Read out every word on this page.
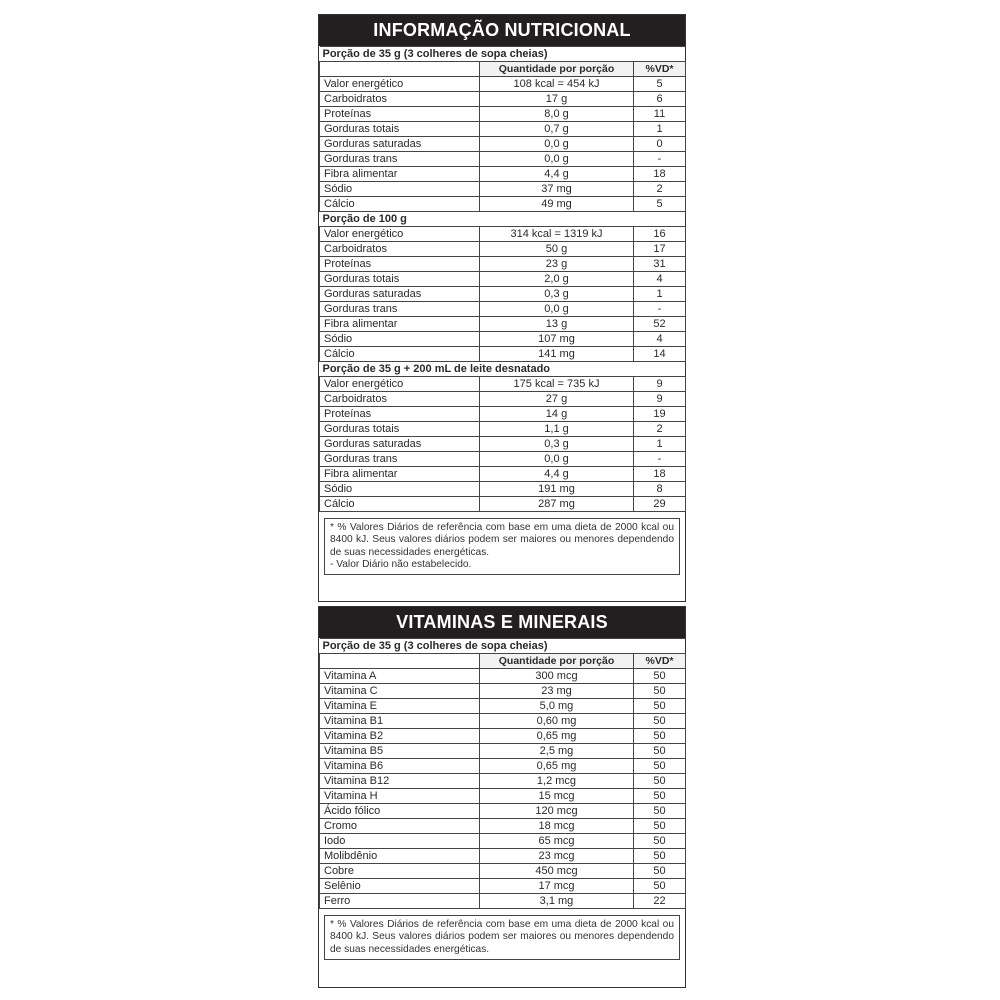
INFORMAÇÃO NUTRICIONAL
Porção de 35 g (3 colheres de sopa cheias)		
	Quantidade por porção	%VD*
Valor energético	108 kcal = 454 kJ	5
Carboidratos	17 g	6
Proteínas	8,0 g	11
Gorduras totais	0,7 g	1
Gorduras saturadas	0,0 g	0
Gorduras trans	0,0 g	-
Fibra alimentar	4,4 g	18
Sódio	37 mg	2
Cálcio	49 mg	5
Porção de 100 g		
Valor energético	314 kcal = 1319 kJ	16
Carboidratos	50 g	17
Proteínas	23 g	31
Gorduras totais	2,0 g	4
Gorduras saturadas	0,3 g	1
Gorduras trans	0,0 g	-
Fibra alimentar	13 g	52
Sódio	107 mg	4
Cálcio	141 mg	14
Porção de 35 g + 200 mL de leite desnatado		
Valor energético	175 kcal = 735 kJ	9
Carboidratos	27 g	9
Proteínas	14 g	19
Gorduras totais	1,1 g	2
Gorduras saturadas	0,3 g	1
Gorduras trans	0,0 g	-
Fibra alimentar	4,4 g	18
Sódio	191 mg	8
Cálcio	287 mg	29

* % Valores Diários de referência com base em uma dieta de 2000 kcal ou 8400 kJ. Seus valores diários podem ser maiores ou menores dependendo de suas necessidades energéticas.

- Valor Diário não estabelecido.

VITAMINAS E MINERAIS
Porção de 35 g (3 colheres de sopa cheias)		
	Quantidade por porção	%VD*
Vitamina A	300 mcg	50
Vitamina C	23 mg	50
Vitamina E	5,0 mg	50
Vitamina B1	0,60 mg	50
Vitamina B2	0,65 mg	50
Vitamina B5	2,5 mg	50
Vitamina B6	0,65 mg	50
Vitamina B12	1,2 mcg	50
Vitamina H	15 mcg	50
Ácido fólico	120 mcg	50
Cromo	18 mcg	50
Iodo	65 mcg	50
Molibdênio	23 mcg	50
Cobre	450 mcg	50
Selênio	17 mcg	50
Ferro	3,1 mg	22

* % Valores Diários de referência com base em uma dieta de 2000 kcal ou 8400 kJ. Seus valores diários podem ser maiores ou menores dependendo de suas necessidades energéticas.
